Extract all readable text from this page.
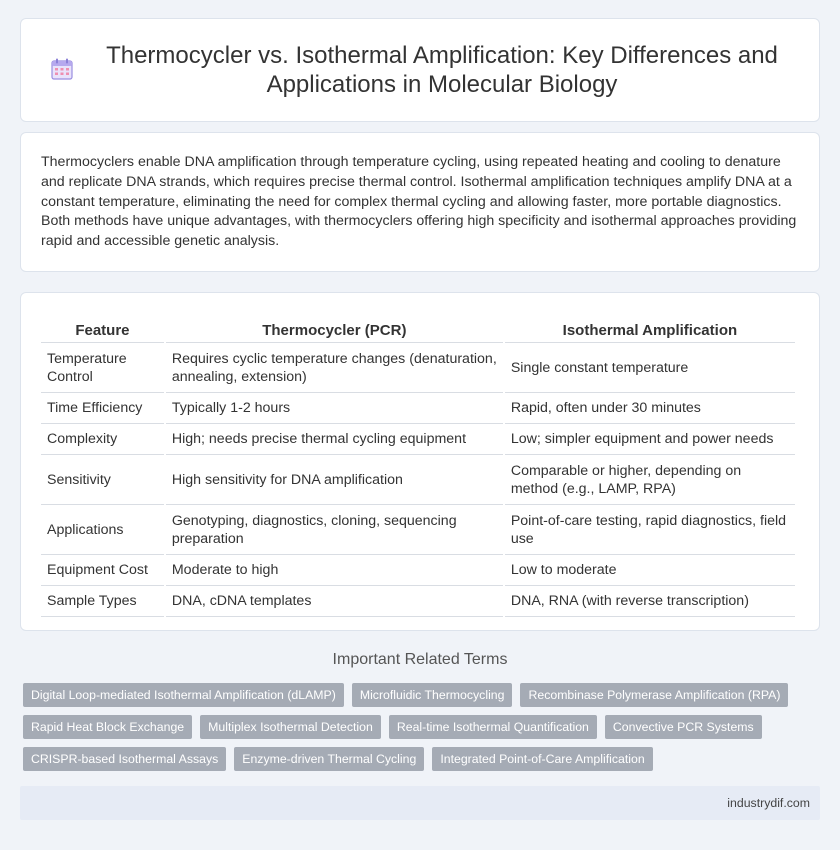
Thermocycler vs. Isothermal Amplification: Key Differences and Applications in Molecular Biology

Thermocyclers enable DNA amplification through temperature cycling, using repeated heating and cooling to denature and replicate DNA strands, which requires precise thermal control. Isothermal amplification techniques amplify DNA at a constant temperature, eliminating the need for complex thermal cycling and allowing faster, more portable diagnostics. Both methods have unique advantages, with thermocyclers offering high specificity and isothermal approaches providing rapid and accessible genetic analysis.

Feature	Thermocycler (PCR)	Isothermal Amplification
Temperature Control	Requires cyclic temperature changes (denaturation, annealing, extension)	Single constant temperature
Time Efficiency	Typically 1-2 hours	Rapid, often under 30 minutes
Complexity	High; needs precise thermal cycling equipment	Low; simpler equipment and power needs
Sensitivity	High sensitivity for DNA amplification	Comparable or higher, depending on method (e.g., LAMP, RPA)
Applications	Genotyping, diagnostics, cloning, sequencing preparation	Point-of-care testing, rapid diagnostics, field use
Equipment Cost	Moderate to high	Low to moderate
Sample Types	DNA, cDNA templates	DNA, RNA (with reverse transcription)
Important Related Terms
Digital Loop-mediated Isothermal Amplification (dLAMP)	Microfluidic Thermocycling	Recombinase Polymerase Amplification (RPA)
Rapid Heat Block Exchange	Multiplex Isothermal Detection	Real-time Isothermal Quantification	Convective PCR Systems
CRISPR-based Isothermal Assays	Enzyme-driven Thermal Cycling	Integrated Point-of-Care Amplification
industrydif.com
